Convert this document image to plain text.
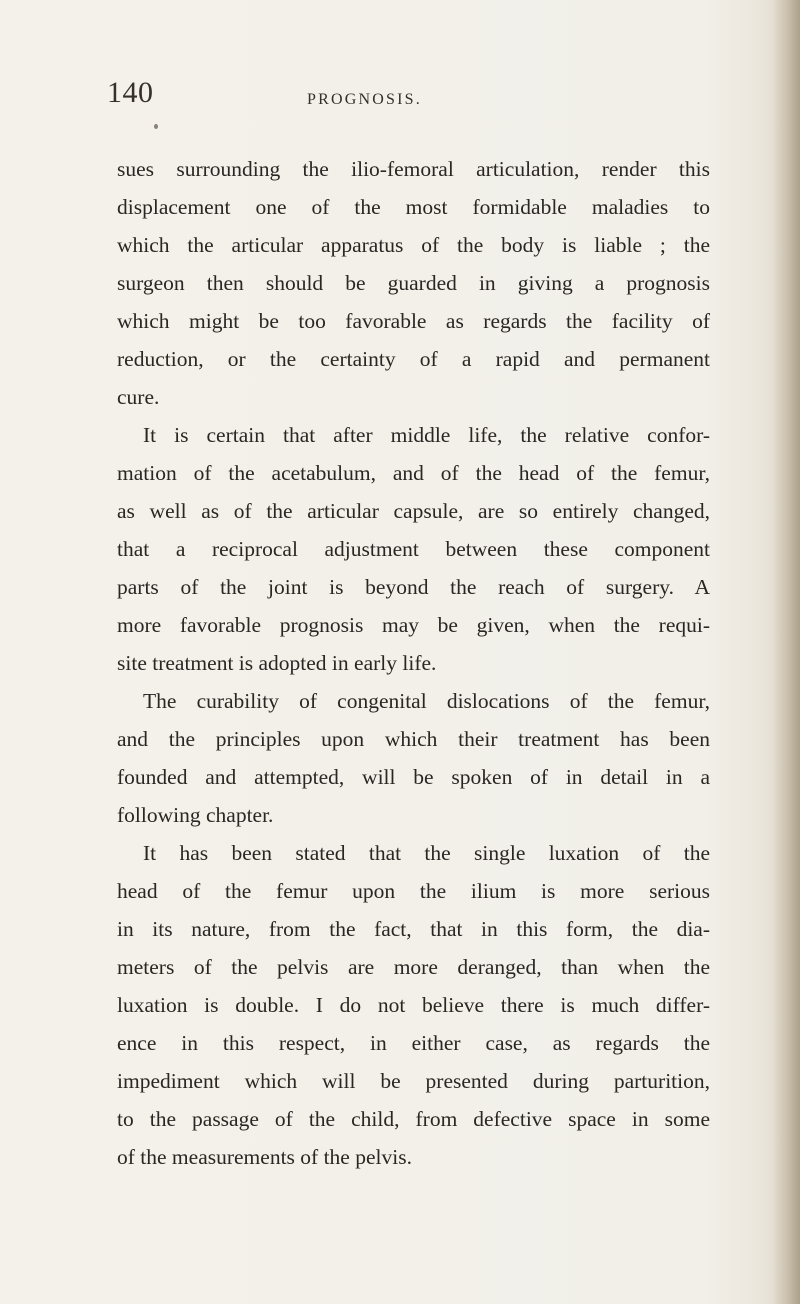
140	PROGNOSIS.
sues surrounding the ilio-femoral articulation, render this
displacement one of the most formidable maladies to
which the articular apparatus of the body is liable ; the
surgeon then should be guarded in giving a prognosis
which might be too favorable as regards the facility of
reduction, or the certainty of a rapid and permanent
cure.
It is certain that after middle life, the relative confor-
mation of the acetabulum, and of the head of the femur,
as well as of the articular capsule, are so entirely changed,
that a reciprocal adjustment between these component
parts of the joint is beyond the reach of surgery. A
more favorable prognosis may be given, when the requi-
site treatment is adopted in early life.
The curability of congenital dislocations of the femur,
and the principles upon which their treatment has been
founded and attempted, will be spoken of in detail in a
following chapter.
It has been stated that the single luxation of the
head of the femur upon the ilium is more serious
in its nature, from the fact, that in this form, the dia-
meters of the pelvis are more deranged, than when the
luxation is double. I do not believe there is much differ-
ence in this respect, in either case, as regards the
impediment which will be presented during parturition,
to the passage of the child, from defective space in some
of the measurements of the pelvis.
